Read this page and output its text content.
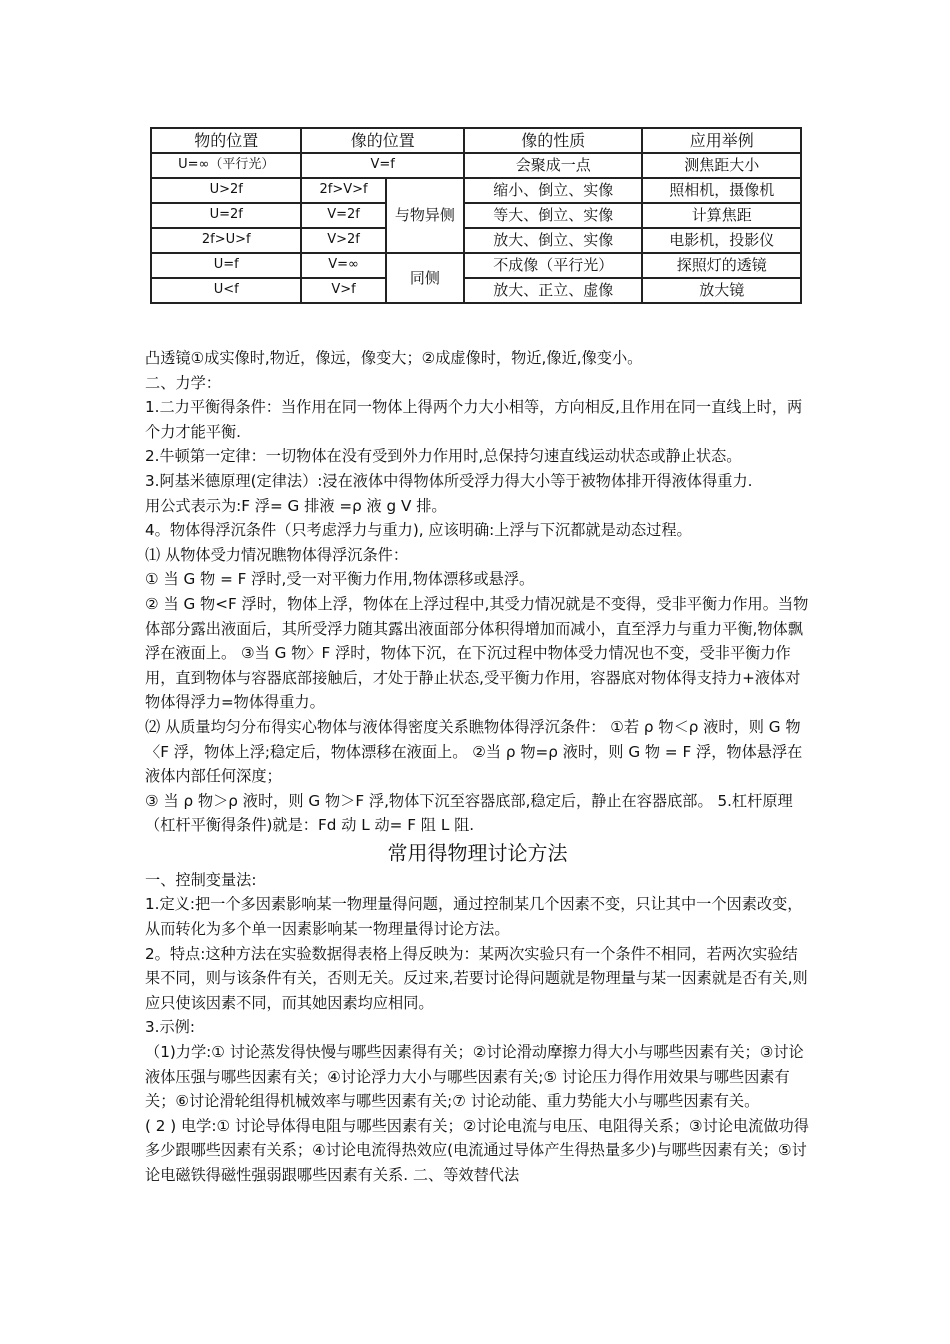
物的位置	像的位置		像的性质	应用举例
U=∞（平行光）	V=f		会聚成一点	测焦距大小
U>2f	2f>V>f	与物异侧	缩小、倒立、实像	照相机，摄像机
U=2f	V=2f		等大、倒立、实像	计算焦距
2f>U>f	V>2f		放大、倒立、实像	电影机，投影仪
U=f	V=∞	同侧	不成像（平行光）	探照灯的透镜
U<f	V>f		放大、正立、虚像	放大镜

凸透镜①成实像时,物近，像远，像变大；②成虚像时，物近,像近,像变小。

二、力学：

1.二力平衡得条件：当作用在同一物体上得两个力大小相等，方向相反,且作用在同一直线上时，两个力才能平衡.

2.牛顿第一定律：一切物体在没有受到外力作用时,总保持匀速直线运动状态或静止状态。

3.阿基米德原理(定律法）:浸在液体中得物体所受浮力得大小等于被物体排开得液体得重力.

用公式表示为:F 浮= G 排液 =ρ 液 g V 排。

4。物体得浮沉条件（只考虑浮力与重力), 应该明确:上浮与下沉都就是动态过程。

⑴ 从物体受力情况瞧物体得浮沉条件：

① 当 G 物 = F 浮时,受一对平衡力作用,物体漂移或悬浮。

② 当 G 物<F 浮时，物体上浮，物体在上浮过程中,其受力情况就是不变得，受非平衡力作用。当物体部分露出液面后，其所受浮力随其露出液面部分体积得增加而减小，直至浮力与重力平衡,物体飘浮在液面上。 ③当 G 物〉F 浮时，物体下沉，在下沉过程中物体受力情况也不变，受非平衡力作用，直到物体与容器底部接触后，才处于静止状态,受平衡力作用，容器底对物体得支持力+液体对物体得浮力=物体得重力。

⑵ 从质量均匀分布得实心物体与液体得密度关系瞧物体得浮沉条件： ①若 ρ 物＜ρ 液时，则 G 物〈F 浮，物体上浮;稳定后，物体漂移在液面上。 ②当 ρ 物=ρ 液时，则 G 物 = F 浮，物体悬浮在液体内部任何深度；

③ 当 ρ 物＞ρ 液时，则 G 物＞F 浮,物体下沉至容器底部,稳定后，静止在容器底部。 5.杠杆原理（杠杆平衡得条件)就是：Fd 动 L 动= F 阻 L 阻.

常用得物理讨论方法

一、控制变量法:

1.定义:把一个多因素影响某一物理量得问题，通过控制某几个因素不变，只让其中一个因素改变，从而转化为多个单一因素影响某一物理量得讨论方法。

2。特点:这种方法在实验数据得表格上得反映为：某两次实验只有一个条件不相同，若两次实验结果不同，则与该条件有关，否则无关。反过来,若要讨论得问题就是物理量与某一因素就是否有关,则应只使该因素不同，而其她因素均应相同。

3.示例:

（1)力学:① 讨论蒸发得快慢与哪些因素得有关；②讨论滑动摩擦力得大小与哪些因素有关；③讨论液体压强与哪些因素有关；④讨论浮力大小与哪些因素有关;⑤ 讨论压力得作用效果与哪些因素有关；⑥讨论滑轮组得机械效率与哪些因素有关;⑦ 讨论动能、重力势能大小与哪些因素有关。

( 2 ) 电学:① 讨论导体得电阻与哪些因素有关；②讨论电流与电压、电阻得关系；③讨论电流做功得多少跟哪些因素有关系；④讨论电流得热效应(电流通过导体产生得热量多少)与哪些因素有关；⑤讨论电磁铁得磁性强弱跟哪些因素有关系. 二、等效替代法
